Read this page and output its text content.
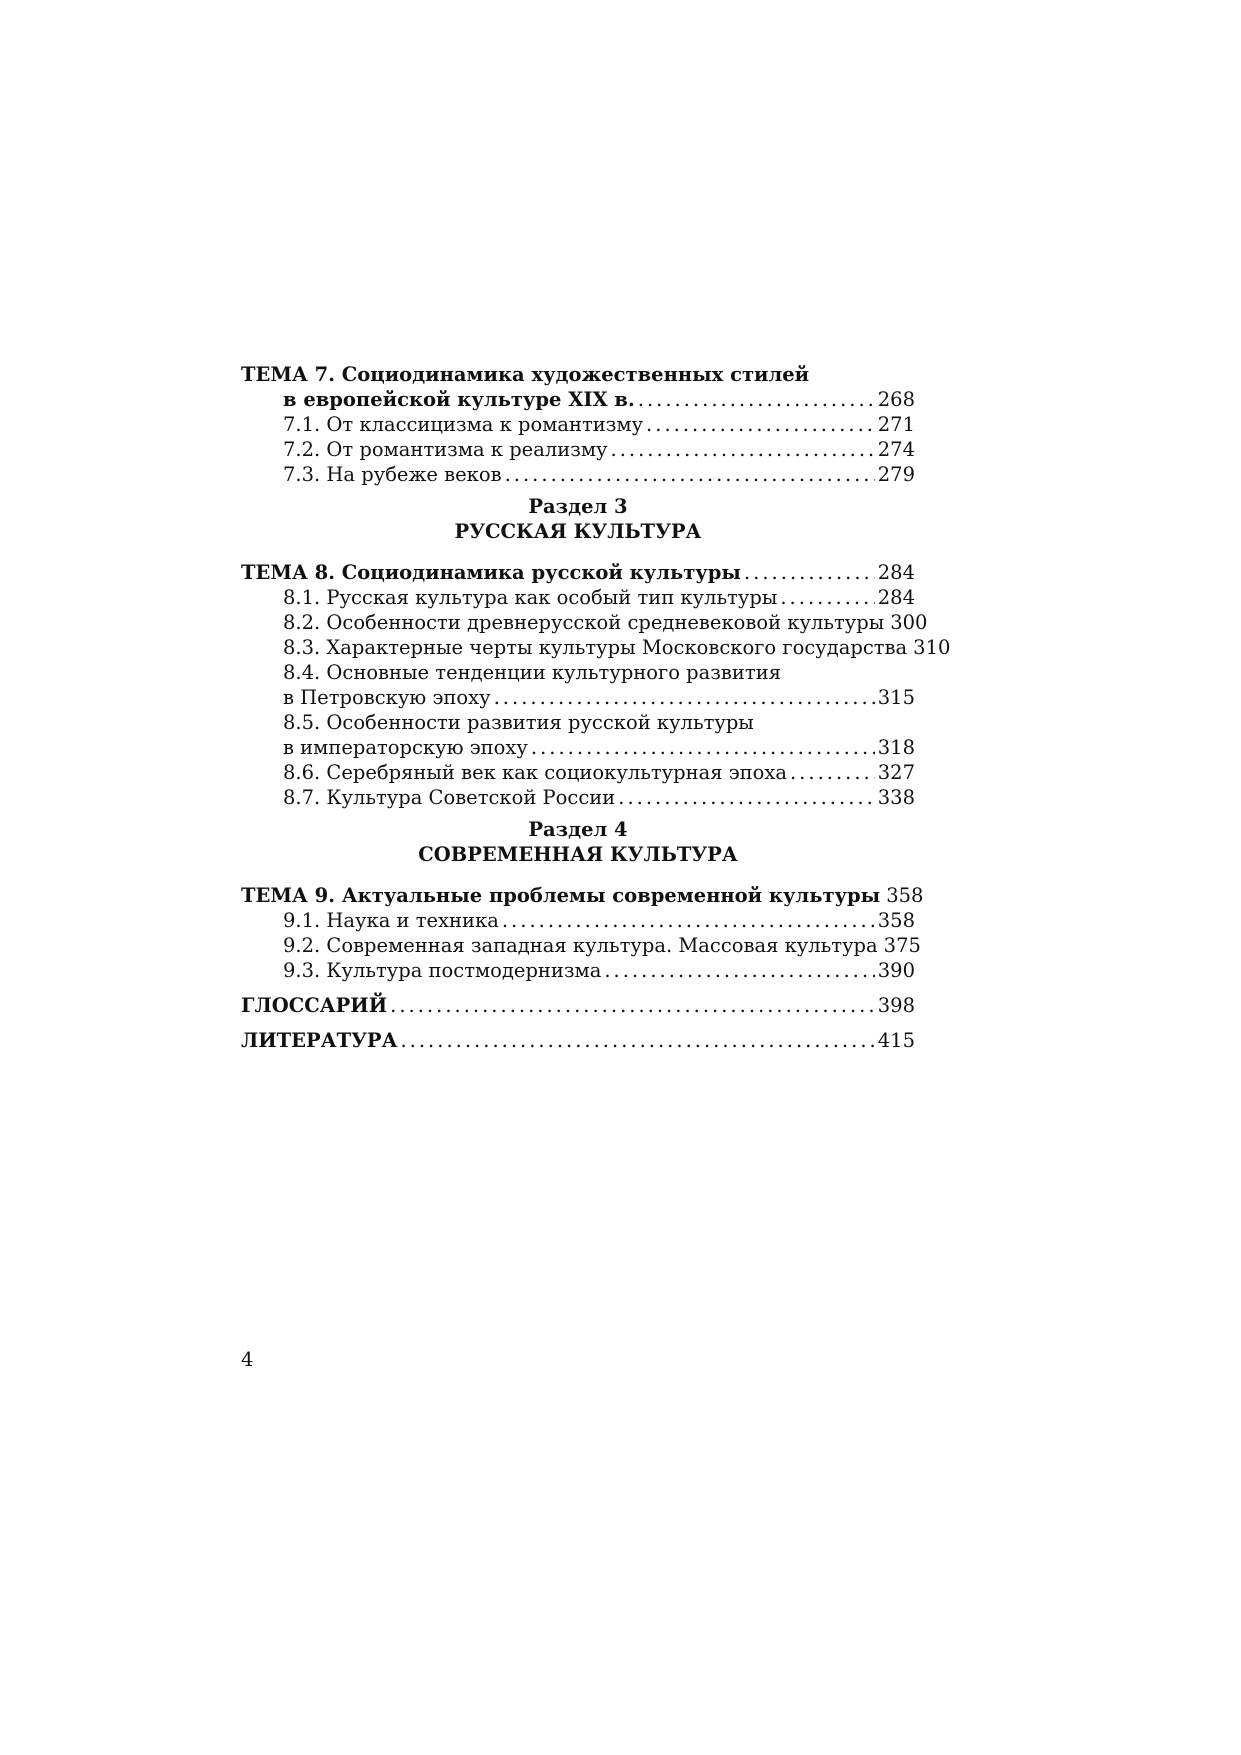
ТЕМА 7. Социодинамика художественных стилей
в европейской культуре XIX в. . . .	268
7.1. От классицизма к романтизму . . .	271
7.2. От романтизма к реализму . . .	274
7.3. На рубеже веков . . .	279
Раздел 3
РУССКАЯ КУЛЬТУРА
ТЕМА 8. Социодинамика русской культуры . . .	284
8.1. Русская культура как особый тип культуры . . .	284
8.2. Особенности древнерусской средневековой культуры 300
8.3. Характерные черты культуры Московского государства 310
8.4. Основные тенденции культурного развития
в Петровскую эпоху . . .	315
8.5. Особенности развития русской культуры
в императорскую эпоху . . .	318
8.6. Серебряный век как социокультурная эпоха . . .	327
8.7. Культура Советской России . . .	338
Раздел 4
СОВРЕМЕННАЯ КУЛЬТУРА
ТЕМА 9. Актуальные проблемы современной культуры 358
9.1. Наука и техника . . .	358
9.2. Современная западная культура. Массовая культура 375
9.3. Культура постмодернизма . . .	390
ГЛОССАРИЙ . . .	398
ЛИТЕРАТУРА . . .	415
4
